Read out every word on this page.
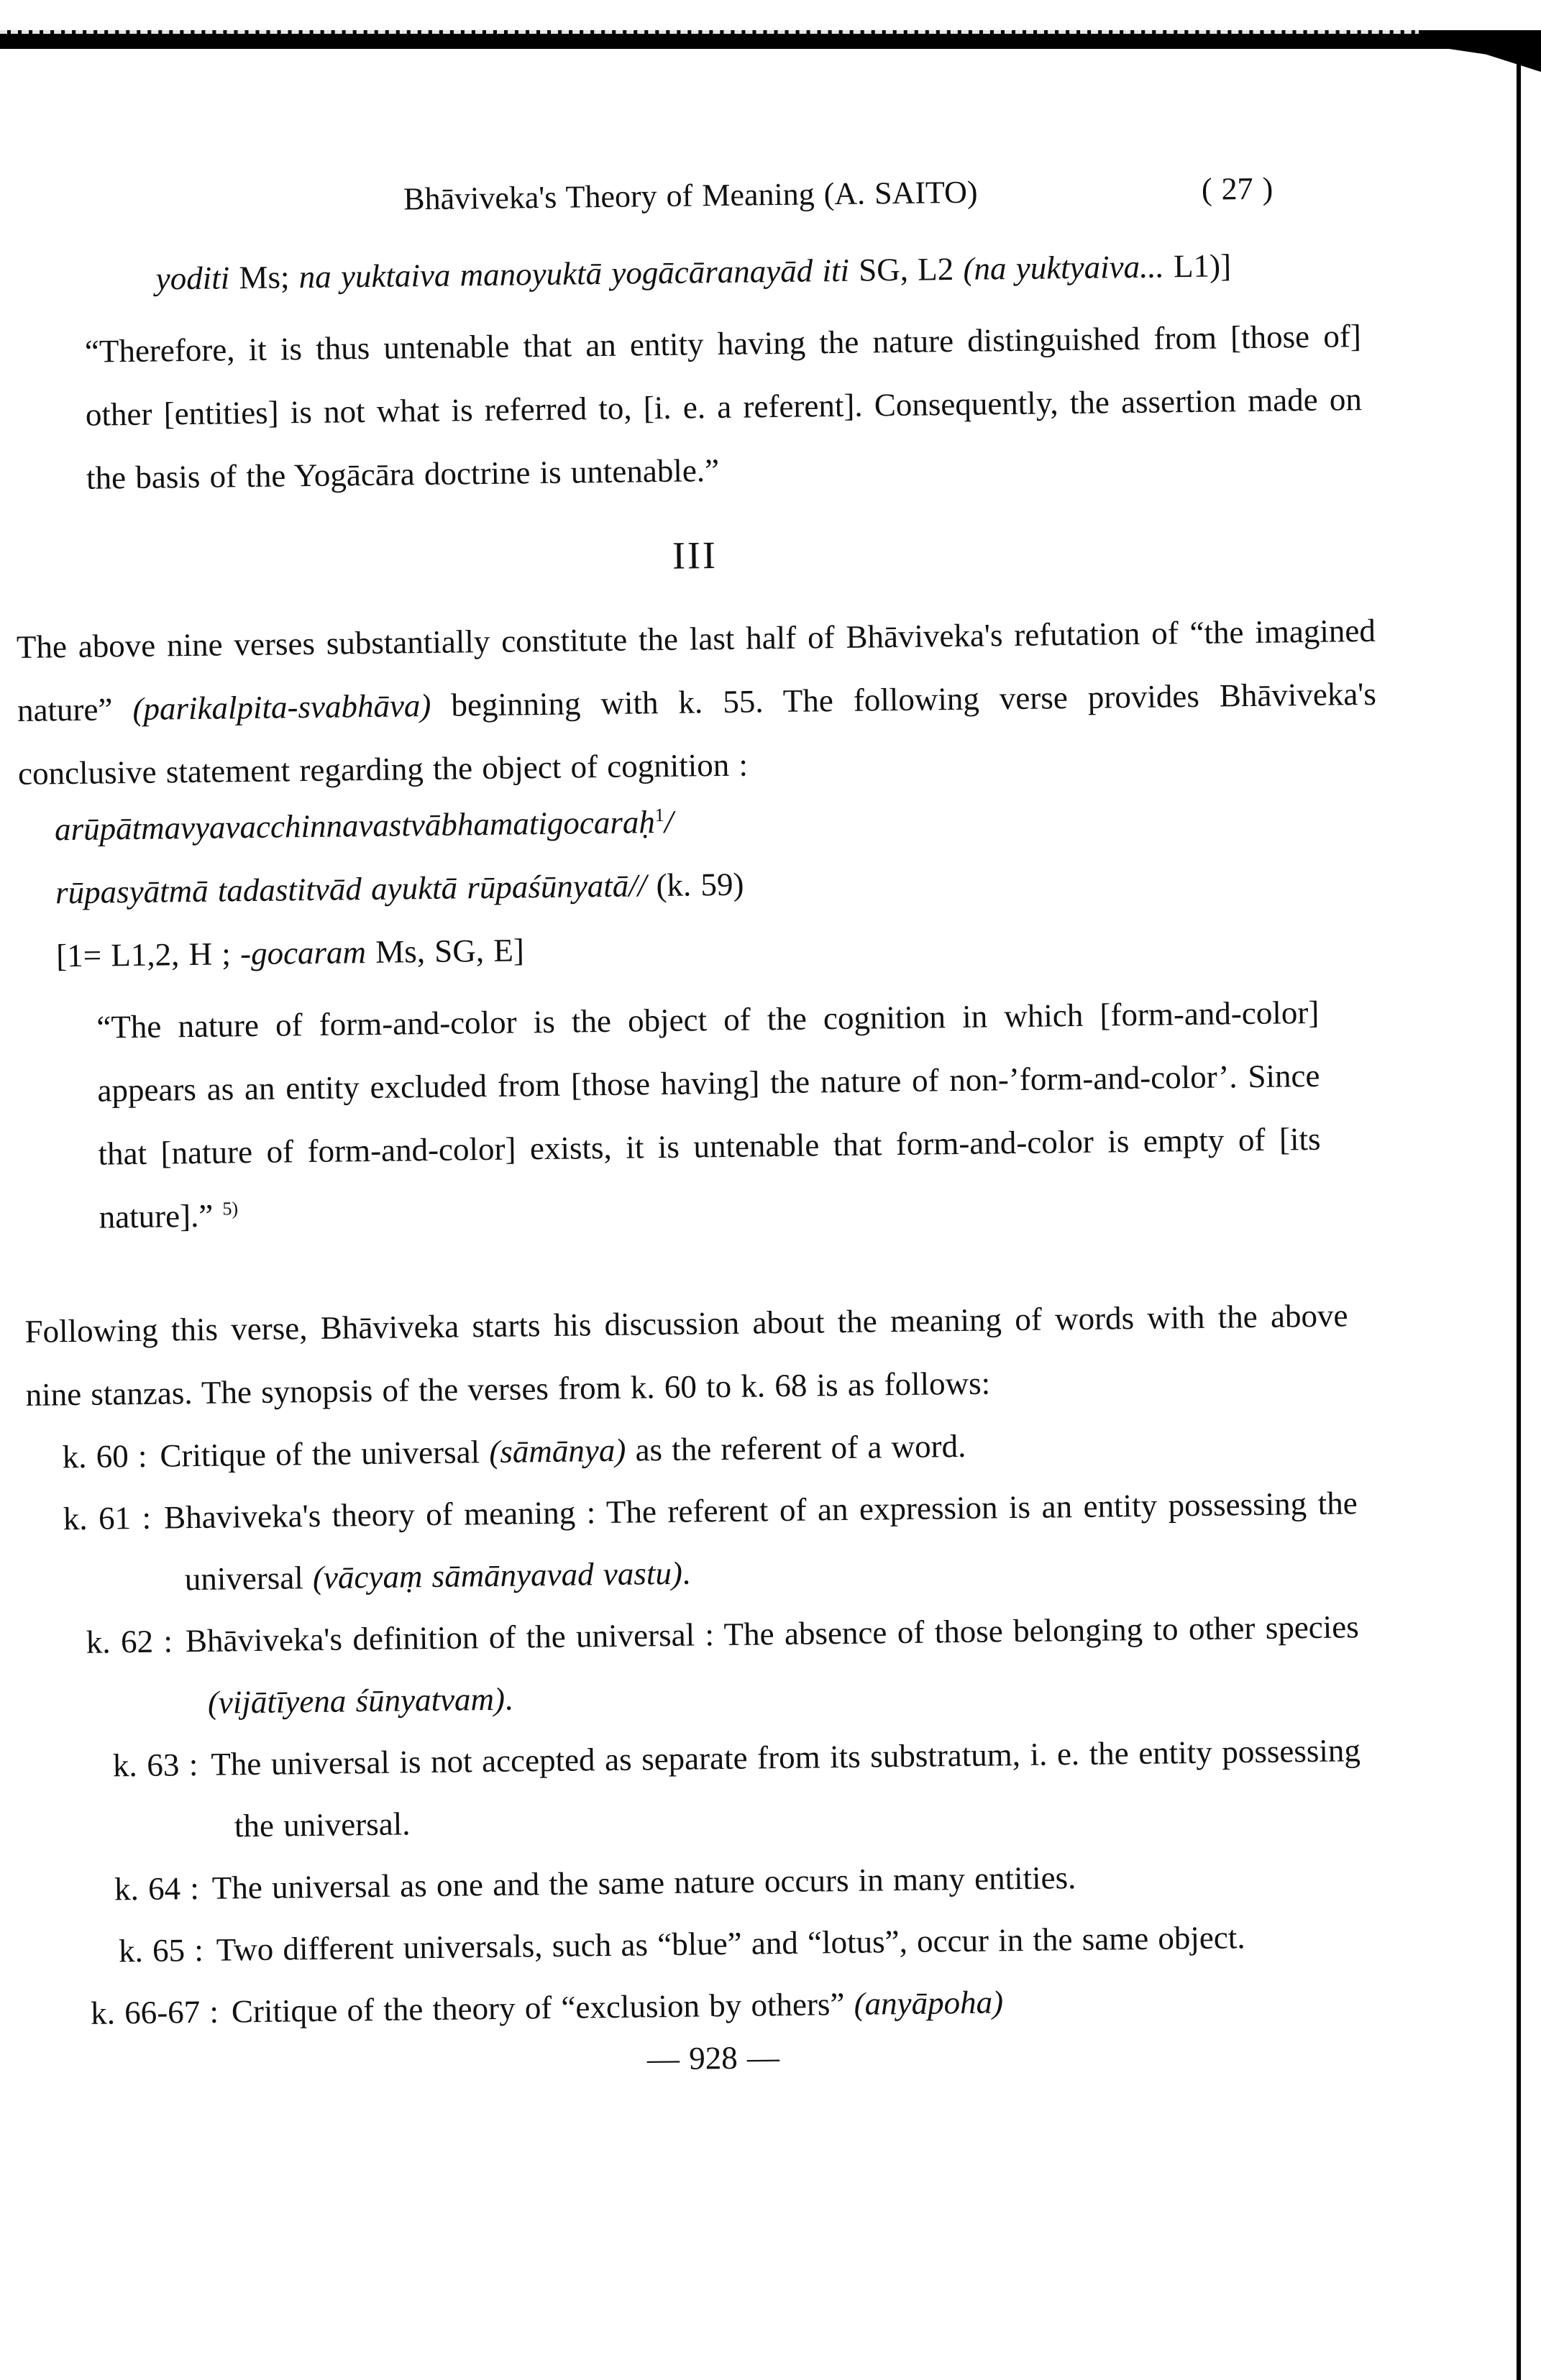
Bhāviveka's Theory of Meaning (A. SAITO)	( 27 )

yoditi Ms; na yuktaiva manoyuktā yogācāranayād iti SG, L2 (na yuktyaiva... L1)]

“Therefore, it is thus untenable that an entity having the nature distinguished from [those of] other [entities] is not what is referred to, [i. e. a referent]. Consequently, the assertion made on the basis of the Yogācāra doctrine is untenable.”

III

The above nine verses substantially constitute the last half of Bhāviveka's refutation of “the imagined nature” (parikalpita-svabhāva) beginning with k. 55. The following verse provides Bhāviveka's conclusive statement regarding the object of cognition :

arūpātmavyavacchinnavastvābhamatigocaraḥ$^1$/
rūpasyātmā tadastitvād ayuktā rūpaśūnyatā// (k. 59)
[1= L1,2, H ; -gocaram Ms, SG, E]

“The nature of form-and-color is the object of the cognition in which [form-and-color] appears as an entity excluded from [those having] the nature of non-’form-and-color’. Since that [nature of form-and-color] exists, it is untenable that form-and-color is empty of [its nature].” $^{5)}$

Following this verse, Bhāviveka starts his discussion about the meaning of words with the above nine stanzas. The synopsis of the verses from k. 60 to k. 68 is as follows:

k. 60 : Critique of the universal (sāmānya) as the referent of a word.
k. 61 : Bhaviveka's theory of meaning : The referent of an expression is an entity possessing the universal (vācyaṃ sāmānyavad vastu).
k. 62 : Bhāviveka's definition of the universal : The absence of those belonging to other species (vijātīyena śūnyatvam).
k. 63 : The universal is not accepted as separate from its substratum, i. e. the entity possessing the universal.
k. 64 : The universal as one and the same nature occurs in many entities.
k. 65 : Two different universals, such as “blue” and “lotus”, occur in the same object.
k. 66-67 : Critique of the theory of “exclusion by others” (anyāpoha)
— 928 —
